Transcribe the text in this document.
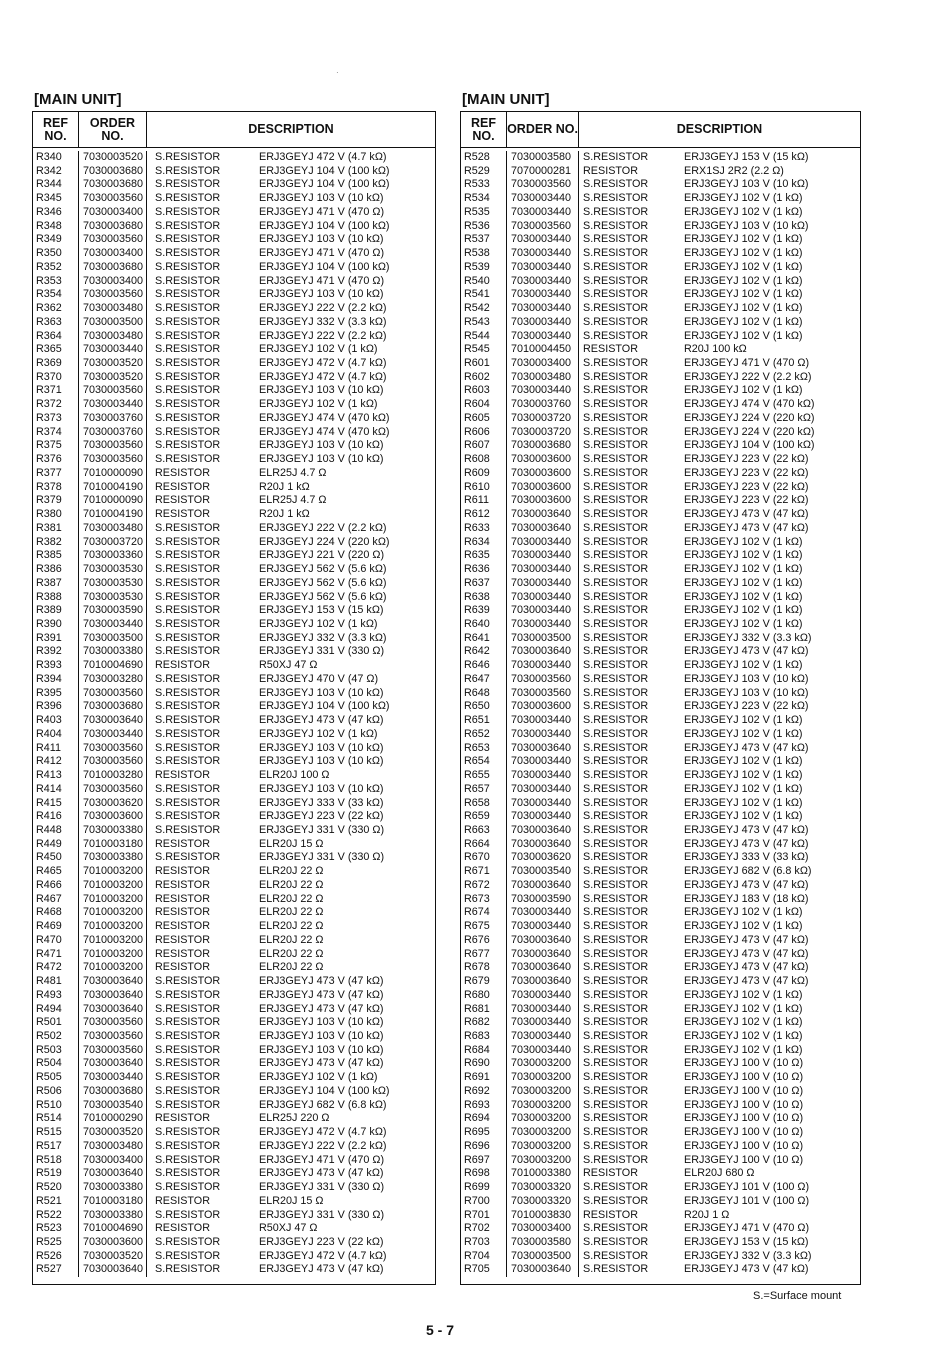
·
[MAIN UNIT]
REF
NO.
ORDER
NO.	DESCRIPTION
R340 7030003520 S.RESISTOR	ERJ3GEYJ 472 V (4.7 kΩ)
R342 7030003680 S.RESISTOR	ERJ3GEYJ 104 V (100 kΩ)
R344 7030003680 S.RESISTOR	ERJ3GEYJ 104 V (100 kΩ)
R345 7030003560 S.RESISTOR	ERJ3GEYJ 103 V (10 kΩ)
R346 7030003400 S.RESISTOR	ERJ3GEYJ 471 V (470 Ω)
R348 7030003680 S.RESISTOR	ERJ3GEYJ 104 V (100 kΩ)
R349 7030003560 S.RESISTOR	ERJ3GEYJ 103 V (10 kΩ)
R350 7030003400 S.RESISTOR	ERJ3GEYJ 471 V (470 Ω)
R352 7030003680 S.RESISTOR	ERJ3GEYJ 104 V (100 kΩ)
R353 7030003400 S.RESISTOR	ERJ3GEYJ 471 V (470 Ω)
R354 7030003560 S.RESISTOR	ERJ3GEYJ 103 V (10 kΩ)
R362 7030003480 S.RESISTOR	ERJ3GEYJ 222 V (2.2 kΩ)
R363 7030003500 S.RESISTOR	ERJ3GEYJ 332 V (3.3 kΩ)
R364 7030003480 S.RESISTOR	ERJ3GEYJ 222 V (2.2 kΩ)
R365 7030003440 S.RESISTOR	ERJ3GEYJ 102 V (1 kΩ)
R369 7030003520 S.RESISTOR	ERJ3GEYJ 472 V (4.7 kΩ)
R370 7030003520 S.RESISTOR	ERJ3GEYJ 472 V (4.7 kΩ)
R371 7030003560 S.RESISTOR	ERJ3GEYJ 103 V (10 kΩ)
R372 7030003440 S.RESISTOR	ERJ3GEYJ 102 V (1 kΩ)
R373 7030003760 S.RESISTOR	ERJ3GEYJ 474 V (470 kΩ)
R374 7030003760 S.RESISTOR	ERJ3GEYJ 474 V (470 kΩ)
R375 7030003560 S.RESISTOR	ERJ3GEYJ 103 V (10 kΩ)
R376 7030003560 S.RESISTOR	ERJ3GEYJ 103 V (10 kΩ)
R377 7010000090 RESISTOR	ELR25J 4.7 Ω
R378 7010004190 RESISTOR	R20J 1 kΩ
R379 7010000090 RESISTOR	ELR25J 4.7 Ω
R380 7010004190 RESISTOR	R20J 1 kΩ
R381 7030003480 S.RESISTOR	ERJ3GEYJ 222 V (2.2 kΩ)
R382 7030003720 S.RESISTOR	ERJ3GEYJ 224 V (220 kΩ)
R385 7030003360 S.RESISTOR	ERJ3GEYJ 221 V (220 Ω)
R386 7030003530 S.RESISTOR	ERJ3GEYJ 562 V (5.6 kΩ)
R387 7030003530 S.RESISTOR	ERJ3GEYJ 562 V (5.6 kΩ)
R388 7030003530 S.RESISTOR	ERJ3GEYJ 562 V (5.6 kΩ)
R389 7030003590 S.RESISTOR	ERJ3GEYJ 153 V (15 kΩ)
R390 7030003440 S.RESISTOR	ERJ3GEYJ 102 V (1 kΩ)
R391 7030003500 S.RESISTOR	ERJ3GEYJ 332 V (3.3 kΩ)
R392 7030003380 S.RESISTOR	ERJ3GEYJ 331 V (330 Ω)
R393 7010004690 RESISTOR	R50XJ 47 Ω
R394 7030003280 S.RESISTOR	ERJ3GEYJ 470 V (47 Ω)
R395 7030003560 S.RESISTOR	ERJ3GEYJ 103 V (10 kΩ)
R396 7030003680 S.RESISTOR	ERJ3GEYJ 104 V (100 kΩ)
R403 7030003640 S.RESISTOR	ERJ3GEYJ 473 V (47 kΩ)
R404 7030003440 S.RESISTOR	ERJ3GEYJ 102 V (1 kΩ)
R411 7030003560 S.RESISTOR	ERJ3GEYJ 103 V (10 kΩ)
R412 7030003560 S.RESISTOR	ERJ3GEYJ 103 V (10 kΩ)
R413 7010003280 RESISTOR	ELR20J 100 Ω
R414 7030003560 S.RESISTOR	ERJ3GEYJ 103 V (10 kΩ)
R415 7030003620 S.RESISTOR	ERJ3GEYJ 333 V (33 kΩ)
R416 7030003600 S.RESISTOR	ERJ3GEYJ 223 V (22 kΩ)
R448 7030003380 S.RESISTOR	ERJ3GEYJ 331 V (330 Ω)
R449 7010003180 RESISTOR	ELR20J 15 Ω
R450 7030003380 S.RESISTOR	ERJ3GEYJ 331 V (330 Ω)
R465 7010003200 RESISTOR	ELR20J 22 Ω
R466 7010003200 RESISTOR	ELR20J 22 Ω
R467 7010003200 RESISTOR	ELR20J 22 Ω
R468 7010003200 RESISTOR	ELR20J 22 Ω
R469 7010003200 RESISTOR	ELR20J 22 Ω
R470 7010003200 RESISTOR	ELR20J 22 Ω
R471 7010003200 RESISTOR	ELR20J 22 Ω
R472 7010003200 RESISTOR	ELR20J 22 Ω
R481 7030003640 S.RESISTOR	ERJ3GEYJ 473 V (47 kΩ)
R493 7030003640 S.RESISTOR	ERJ3GEYJ 473 V (47 kΩ)
R494 7030003640 S.RESISTOR	ERJ3GEYJ 473 V (47 kΩ)
R501 7030003560 S.RESISTOR	ERJ3GEYJ 103 V (10 kΩ)
R502 7030003560 S.RESISTOR	ERJ3GEYJ 103 V (10 kΩ)
R503 7030003560 S.RESISTOR	ERJ3GEYJ 103 V (10 kΩ)
R504 7030003640 S.RESISTOR	ERJ3GEYJ 473 V (47 kΩ)
R505 7030003440 S.RESISTOR	ERJ3GEYJ 102 V (1 kΩ)
R506 7030003680 S.RESISTOR	ERJ3GEYJ 104 V (100 kΩ)
R510 7030003540 S.RESISTOR	ERJ3GEYJ 682 V (6.8 kΩ)
R514 7010000290 RESISTOR	ELR25J 220 Ω
R515 7030003520 S.RESISTOR	ERJ3GEYJ 472 V (4.7 kΩ)
R517 7030003480 S.RESISTOR	ERJ3GEYJ 222 V (2.2 kΩ)
R518 7030003400 S.RESISTOR	ERJ3GEYJ 471 V (470 Ω)
R519 7030003640 S.RESISTOR	ERJ3GEYJ 473 V (47 kΩ)
R520 7030003380 S.RESISTOR	ERJ3GEYJ 331 V (330 Ω)
R521 7010003180 RESISTOR	ELR20J 15 Ω
R522 7030003380 S.RESISTOR	ERJ3GEYJ 331 V (330 Ω)
R523 7010004690 RESISTOR	R50XJ 47 Ω
R525 7030003600 S.RESISTOR	ERJ3GEYJ 223 V (22 kΩ)
R526 7030003520 S.RESISTOR	ERJ3GEYJ 472 V (4.7 kΩ)
R527 7030003640 S.RESISTOR	ERJ3GEYJ 473 V (47 kΩ)
[MAIN UNIT]
REF
NO. ORDER NO.	DESCRIPTION
R528 7030003580 S.RESISTOR	ERJ3GEYJ 153 V (15 kΩ)
R529 7070000281 RESISTOR	ERX1SJ 2R2 (2.2 Ω)
R533 7030003560 S.RESISTOR	ERJ3GEYJ 103 V (10 kΩ)
R534 7030003440 S.RESISTOR	ERJ3GEYJ 102 V (1 kΩ)
R535 7030003440 S.RESISTOR	ERJ3GEYJ 102 V (1 kΩ)
R536 7030003560 S.RESISTOR	ERJ3GEYJ 103 V (10 kΩ)
R537 7030003440 S.RESISTOR	ERJ3GEYJ 102 V (1 kΩ)
R538 7030003440 S.RESISTOR	ERJ3GEYJ 102 V (1 kΩ)
R539 7030003440 S.RESISTOR	ERJ3GEYJ 102 V (1 kΩ)
R540 7030003440 S.RESISTOR	ERJ3GEYJ 102 V (1 kΩ)
R541 7030003440 S.RESISTOR	ERJ3GEYJ 102 V (1 kΩ)
R542 7030003440 S.RESISTOR	ERJ3GEYJ 102 V (1 kΩ)
R543 7030003440 S.RESISTOR	ERJ3GEYJ 102 V (1 kΩ)
R544 7030003440 S.RESISTOR	ERJ3GEYJ 102 V (1 kΩ)
R545 7010004450 RESISTOR	R20J 100 kΩ
R601 7030003400 S.RESISTOR	ERJ3GEYJ 471 V (470 Ω)
R602 7030003480 S.RESISTOR	ERJ3GEYJ 222 V (2.2 kΩ)
R603 7030003440 S.RESISTOR	ERJ3GEYJ 102 V (1 kΩ)
R604 7030003760 S.RESISTOR	ERJ3GEYJ 474 V (470 kΩ)
R605 7030003720 S.RESISTOR	ERJ3GEYJ 224 V (220 kΩ)
R606 7030003720 S.RESISTOR	ERJ3GEYJ 224 V (220 kΩ)
R607 7030003680 S.RESISTOR	ERJ3GEYJ 104 V (100 kΩ)
R608 7030003600 S.RESISTOR	ERJ3GEYJ 223 V (22 kΩ)
R609 7030003600 S.RESISTOR	ERJ3GEYJ 223 V (22 kΩ)
R610 7030003600 S.RESISTOR	ERJ3GEYJ 223 V (22 kΩ)
R611 7030003600 S.RESISTOR	ERJ3GEYJ 223 V (22 kΩ)
R612 7030003640 S.RESISTOR	ERJ3GEYJ 473 V (47 kΩ)
R633 7030003640 S.RESISTOR	ERJ3GEYJ 473 V (47 kΩ)
R634 7030003440 S.RESISTOR	ERJ3GEYJ 102 V (1 kΩ)
R635 7030003440 S.RESISTOR	ERJ3GEYJ 102 V (1 kΩ)
R636 7030003440 S.RESISTOR	ERJ3GEYJ 102 V (1 kΩ)
R637 7030003440 S.RESISTOR	ERJ3GEYJ 102 V (1 kΩ)
R638 7030003440 S.RESISTOR	ERJ3GEYJ 102 V (1 kΩ)
R639 7030003440 S.RESISTOR	ERJ3GEYJ 102 V (1 kΩ)
R640 7030003440 S.RESISTOR	ERJ3GEYJ 102 V (1 kΩ)
R641 7030003500 S.RESISTOR	ERJ3GEYJ 332 V (3.3 kΩ)
R642 7030003640 S.RESISTOR	ERJ3GEYJ 473 V (47 kΩ)
R646 7030003440 S.RESISTOR	ERJ3GEYJ 102 V (1 kΩ)
R647 7030003560 S.RESISTOR	ERJ3GEYJ 103 V (10 kΩ)
R648 7030003560 S.RESISTOR	ERJ3GEYJ 103 V (10 kΩ)
R650 7030003600 S.RESISTOR	ERJ3GEYJ 223 V (22 kΩ)
R651 7030003440 S.RESISTOR	ERJ3GEYJ 102 V (1 kΩ)
R652 7030003440 S.RESISTOR	ERJ3GEYJ 102 V (1 kΩ)
R653 7030003640 S.RESISTOR	ERJ3GEYJ 473 V (47 kΩ)
R654 7030003440 S.RESISTOR	ERJ3GEYJ 102 V (1 kΩ)
R655 7030003440 S.RESISTOR	ERJ3GEYJ 102 V (1 kΩ)
R657 7030003440 S.RESISTOR	ERJ3GEYJ 102 V (1 kΩ)
R658 7030003440 S.RESISTOR	ERJ3GEYJ 102 V (1 kΩ)
R659 7030003440 S.RESISTOR	ERJ3GEYJ 102 V (1 kΩ)
R663 7030003640 S.RESISTOR	ERJ3GEYJ 473 V (47 kΩ)
R664 7030003640 S.RESISTOR	ERJ3GEYJ 473 V (47 kΩ)
R670 7030003620 S.RESISTOR	ERJ3GEYJ 333 V (33 kΩ)
R671 7030003540 S.RESISTOR	ERJ3GEYJ 682 V (6.8 kΩ)
R672 7030003640 S.RESISTOR	ERJ3GEYJ 473 V (47 kΩ)
R673 7030003590 S.RESISTOR	ERJ3GEYJ 183 V (18 kΩ)
R674 7030003440 S.RESISTOR	ERJ3GEYJ 102 V (1 kΩ)
R675 7030003440 S.RESISTOR	ERJ3GEYJ 102 V (1 kΩ)
R676 7030003640 S.RESISTOR	ERJ3GEYJ 473 V (47 kΩ)
R677 7030003640 S.RESISTOR	ERJ3GEYJ 473 V (47 kΩ)
R678 7030003640 S.RESISTOR	ERJ3GEYJ 473 V (47 kΩ)
R679 7030003640 S.RESISTOR	ERJ3GEYJ 473 V (47 kΩ)
R680 7030003440 S.RESISTOR	ERJ3GEYJ 102 V (1 kΩ)
R681 7030003440 S.RESISTOR	ERJ3GEYJ 102 V (1 kΩ)
R682 7030003440 S.RESISTOR	ERJ3GEYJ 102 V (1 kΩ)
R683 7030003440 S.RESISTOR	ERJ3GEYJ 102 V (1 kΩ)
R684 7030003440 S.RESISTOR	ERJ3GEYJ 102 V (1 kΩ)
R690 7030003200 S.RESISTOR	ERJ3GEYJ 100 V (10 Ω)
R691 7030003200 S.RESISTOR	ERJ3GEYJ 100 V (10 Ω)
R692 7030003200 S.RESISTOR	ERJ3GEYJ 100 V (10 Ω)
R693 7030003200 S.RESISTOR	ERJ3GEYJ 100 V (10 Ω)
R694 7030003200 S.RESISTOR	ERJ3GEYJ 100 V (10 Ω)
R695 7030003200 S.RESISTOR	ERJ3GEYJ 100 V (10 Ω)
R696 7030003200 S.RESISTOR	ERJ3GEYJ 100 V (10 Ω)
R697 7030003200 S.RESISTOR	ERJ3GEYJ 100 V (10 Ω)
R698 7010003380 RESISTOR	ELR20J 680 Ω
R699 7030003320 S.RESISTOR	ERJ3GEYJ 101 V (100 Ω)
R700 7030003320 S.RESISTOR	ERJ3GEYJ 101 V (100 Ω)
R701 7010003830 RESISTOR	R20J 1 Ω
R702 7030003400 S.RESISTOR	ERJ3GEYJ 471 V (470 Ω)
R703 7030003580 S.RESISTOR	ERJ3GEYJ 153 V (15 kΩ)
R704 7030003500 S.RESISTOR	ERJ3GEYJ 332 V (3.3 kΩ)
R705 7030003640 S.RESISTOR	ERJ3GEYJ 473 V (47 kΩ)
S.=Surface mount
5 - 7
